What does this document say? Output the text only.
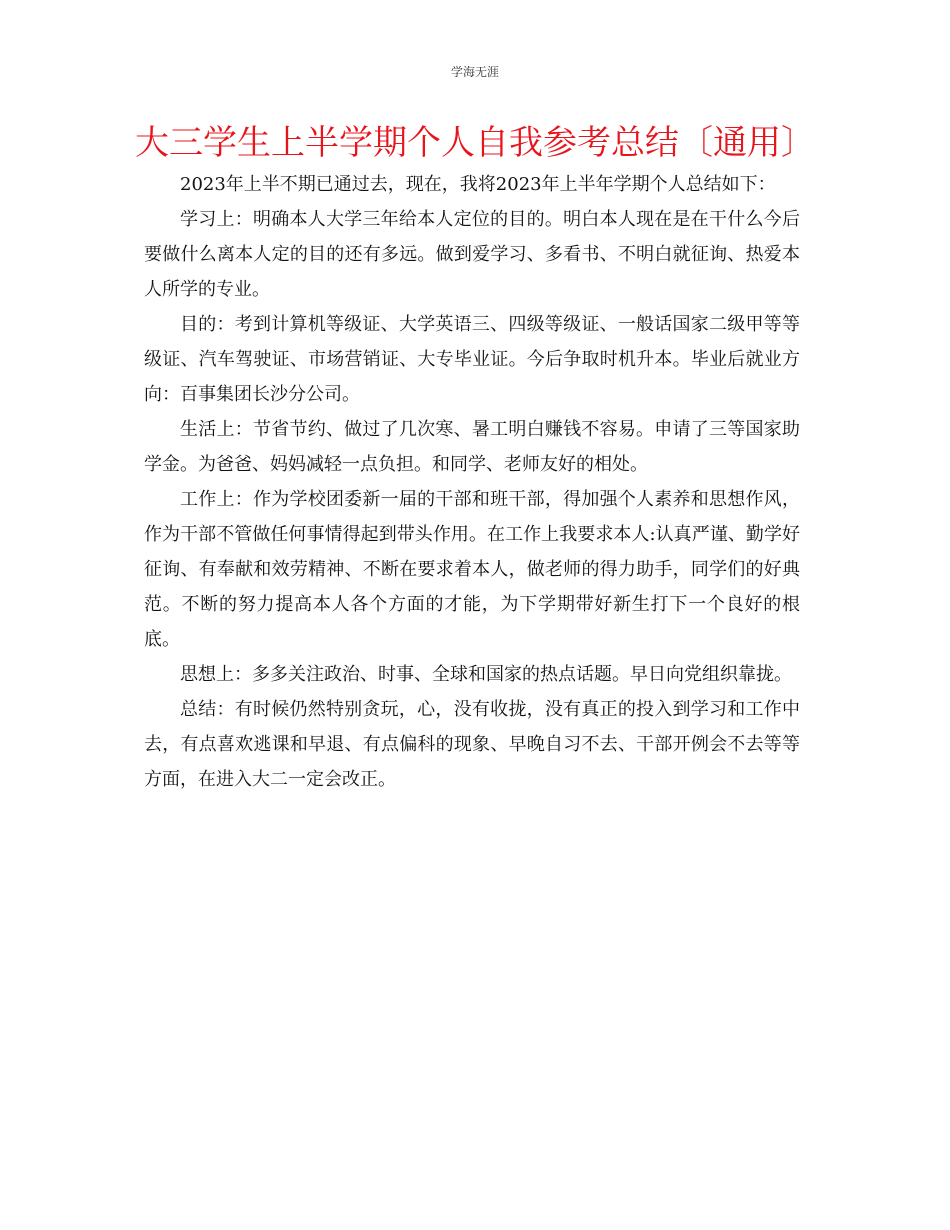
学海无涯
大三学生上半学期个人自我参考总结〔通用〕

2023年上半不期已通过去，现在，我将2023年上半年学期个人总结如下：

学习上：明确本人大学三年给本人定位的目的。明白本人现在是在干什么今后要做什么离本人定的目的还有多远。做到爱学习、多看书、不明白就征询、热爱本人所学的专业。

目的：考到计算机等级证、大学英语三、四级等级证、一般话国家二级甲等等级证、汽车驾驶证、市场营销证、大专毕业证。今后争取时机升本。毕业后就业方向：百事集团长沙分公司。

生活上：节省节约、做过了几次寒、暑工明白赚钱不容易。申请了三等国家助学金。为爸爸、妈妈减轻一点负担。和同学、老师友好的相处。

工作上：作为学校团委新一届的干部和班干部，得加强个人素养和思想作风，作为干部不管做任何事情得起到带头作用。在工作上我要求本人:认真严谨、勤学好征询、有奉献和效劳精神、不断在要求着本人，做老师的得力助手，同学们的好典范。不断的努力提高本人各个方面的才能，为下学期带好新生打下一个良好的根底。

思想上：多多关注政治、时事、全球和国家的热点话题。早日向党组织靠拢。

总结：有时候仍然特别贪玩，心，没有收拢，没有真正的投入到学习和工作中去，有点喜欢逃课和早退、有点偏科的现象、早晚自习不去、干部开例会不去等等方面，在进入大二一定会改正。
